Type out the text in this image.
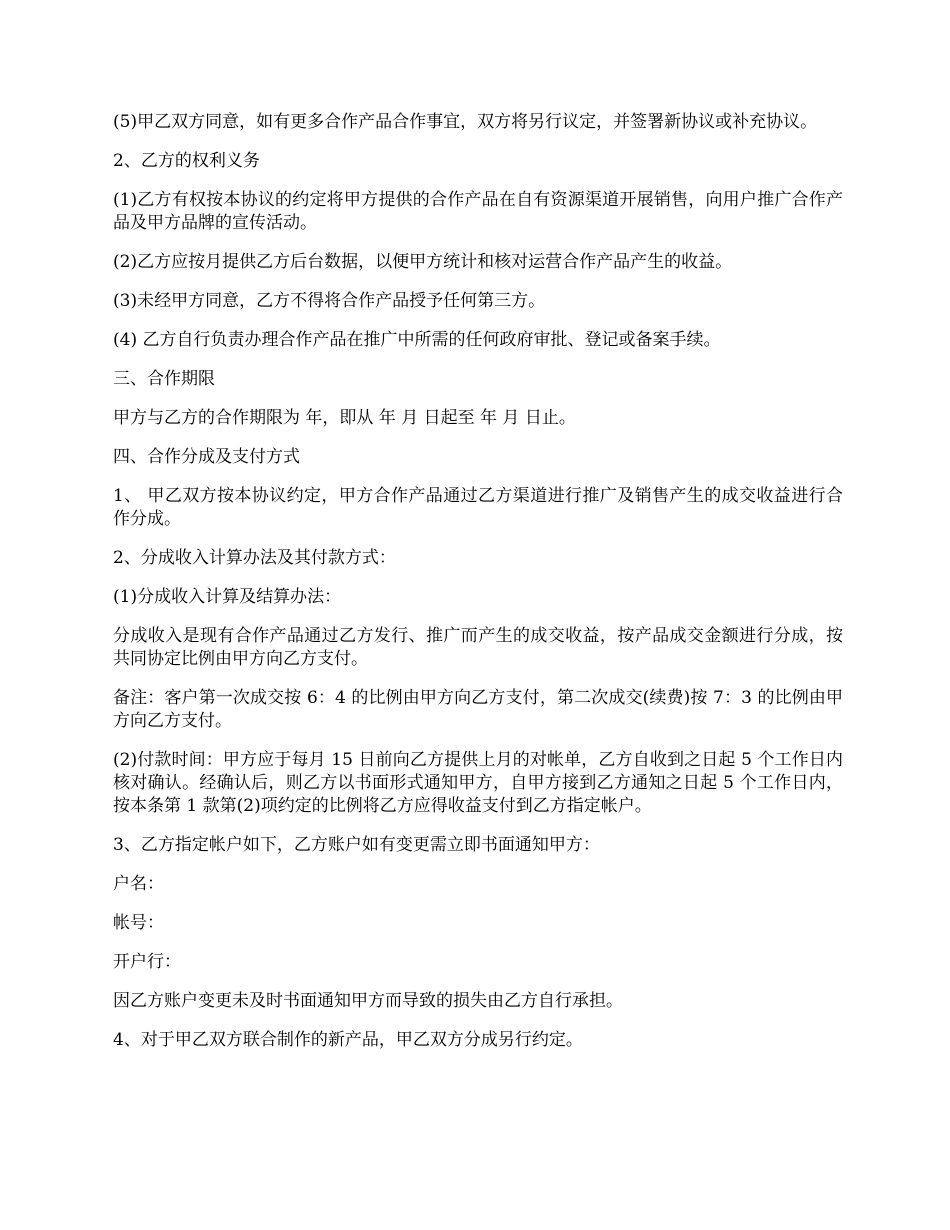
(5)甲乙双方同意，如有更多合作产品合作事宜，双方将另行议定，并签署新协议或补充协议。

2、乙方的权利义务

(1)乙方有权按本协议的约定将甲方提供的合作产品在自有资源渠道开展销售，向用户推广合作产品及甲方品牌的宣传活动。

(2)乙方应按月提供乙方后台数据，以便甲方统计和核对运营合作产品产生的收益。

(3)未经甲方同意，乙方不得将合作产品授予任何第三方。

(4) 乙方自行负责办理合作产品在推广中所需的任何政府审批、登记或备案手续。

三、合作期限

甲方与乙方的合作期限为 年，即从 年 月 日起至 年 月 日止。

四、合作分成及支付方式

1、 甲乙双方按本协议约定，甲方合作产品通过乙方渠道进行推广及销售产生的成交收益进行合作分成。

2、分成收入计算办法及其付款方式：

(1)分成收入计算及结算办法：

分成收入是现有合作产品通过乙方发行、推广而产生的成交收益，按产品成交金额进行分成，按共同协定比例由甲方向乙方支付。

备注：客户第一次成交按 6：4 的比例由甲方向乙方支付，第二次成交(续费)按 7：3 的比例由甲方向乙方支付。

(2)付款时间：甲方应于每月 15 日前向乙方提供上月的对帐单，乙方自收到之日起 5 个工作日内核对确认。经确认后，则乙方以书面形式通知甲方，自甲方接到乙方通知之日起 5 个工作日内，按本条第 1 款第(2)项约定的比例将乙方应得收益支付到乙方指定帐户。

3、乙方指定帐户如下，乙方账户如有变更需立即书面通知甲方：

户名：

帐号：

开户行：

因乙方账户变更未及时书面通知甲方而导致的损失由乙方自行承担。

4、对于甲乙双方联合制作的新产品，甲乙双方分成另行约定。
